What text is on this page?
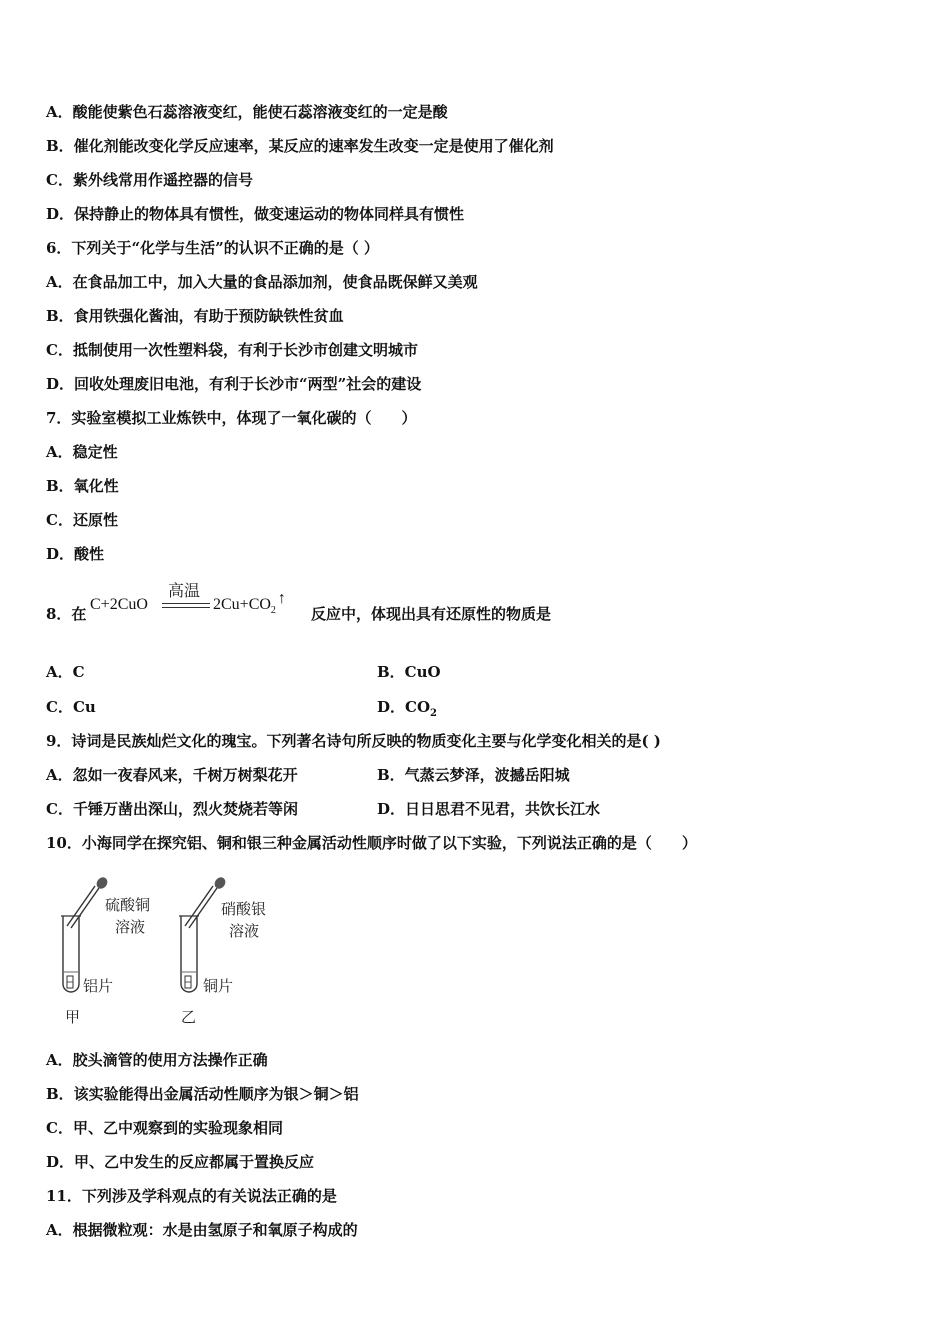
A．酸能使紫色石蕊溶液变红，能使石蕊溶液变红的一定是酸
B．催化剂能改变化学反应速率，某反应的速率发生改变一定是使用了催化剂
C．紫外线常用作遥控器的信号
D．保持静止的物体具有惯性，做变速运动的物体同样具有惯性
6．下列关于“化学与生活”的认识不正确的是（ ）
A．在食品加工中，加入大量的食品添加剂，使食品既保鲜又美观
B．食用铁强化酱油，有助于预防缺铁性贫血
C．抵制使用一次性塑料袋，有利于长沙市创建文明城市
D．回收处理废旧电池，有利于长沙市“两型”社会的建设
7．实验室模拟工业炼铁中，体现了一氧化碳的（　　）
A．稳定性
B．氧化性
C．还原性
D．酸性
8．在
C+2CuO
高温
$2Cu+CO_2↑$
反应中，体现出具有还原性的物质是
A．C	B．CuO
C．Cu	D．$CO_2$
9．诗词是民族灿烂文化的瑰宝。下列著名诗句所反映的物质变化主要与化学变化相关的是( )
A．忽如一夜春风来，千树万树梨花开	B．气蒸云梦泽，波撼岳阳城
C．千锤万凿出深山，烈火焚烧若等闲	D．日日思君不见君，共饮长江水
10．小海同学在探究铝、铜和银三种金属活动性顺序时做了以下实验，下列说法正确的是（　　）
硫酸铜
溶液
铝片
甲
硝酸银
溶液
铜片
乙
A．胶头滴管的使用方法操作正确
B．该实验能得出金属活动性顺序为银＞铜＞铝
C．甲、乙中观察到的实验现象相同
D．甲、乙中发生的反应都属于置换反应
11．下列涉及学科观点的有关说法正确的是
A．根据微粒观：水是由氢原子和氧原子构成的
